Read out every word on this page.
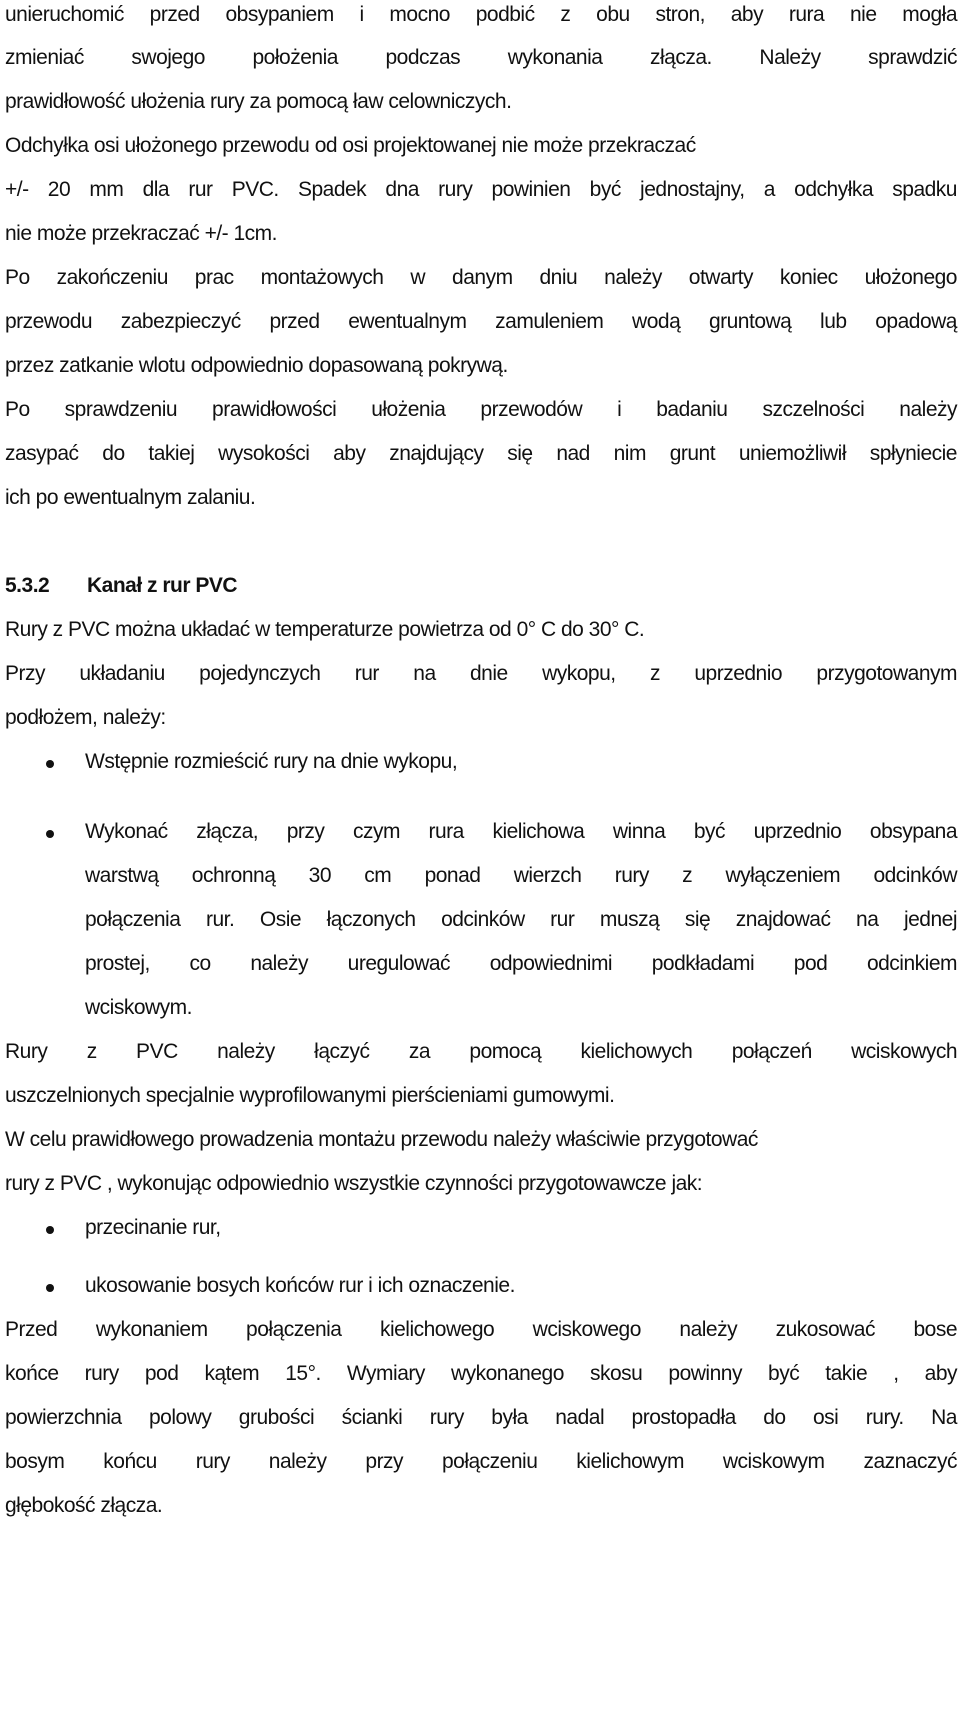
unieruchomić przed obsypaniem i mocno podbić z obu stron, aby rura nie mogła
zmieniać swojego położenia podczas wykonania złącza. Należy sprawdzić
prawidłowość ułożenia rury za pomocą ław celowniczych.
Odchyłka osi ułożonego przewodu od osi projektowanej nie może przekraczać
+/- 20 mm dla rur PVC. Spadek dna rury powinien być jednostajny, a odchyłka spadku
nie może przekraczać +/- 1cm.
Po zakończeniu prac montażowych w danym dniu należy otwarty koniec ułożonego
przewodu zabezpieczyć przed ewentualnym zamuleniem wodą gruntową lub opadową
przez zatkanie wlotu odpowiednio dopasowaną pokrywą.
Po sprawdzeniu prawidłowości ułożenia przewodów i badaniu szczelności należy
zasypać do takiej wysokości aby znajdujący się nad nim grunt uniemożliwił spłyniecie
ich po ewentualnym zalaniu.
5.3.2 Kanał z rur PVC
Rury z PVC można układać w temperaturze powietrza od 0° C do 30° C.
Przy układaniu pojedynczych rur na dnie wykopu, z uprzednio przygotowanym
podłożem, należy:
Wstępnie rozmieścić rury na dnie wykopu,
Wykonać złącza, przy czym rura kielichowa winna być uprzednio obsypana
warstwą ochronną 30 cm ponad wierzch rury z wyłączeniem odcinków
połączenia rur. Osie łączonych odcinków rur muszą się znajdować na jednej
prostej, co należy uregulować odpowiednimi podkładami pod odcinkiem
wciskowym.
Rury z PVC należy łączyć za pomocą kielichowych połączeń wciskowych
uszczelnionych specjalnie wyprofilowanymi pierścieniami gumowymi.
W celu prawidłowego prowadzenia montażu przewodu należy właściwie przygotować
rury z PVC , wykonując odpowiednio wszystkie czynności przygotowawcze jak:
przecinanie rur,
ukosowanie bosych końców rur i ich oznaczenie.
Przed wykonaniem połączenia kielichowego wciskowego należy zukosować bose
końce rury pod kątem 15°. Wymiary wykonanego skosu powinny być takie , aby
powierzchnia polowy grubości ścianki rury była nadal prostopadła do osi rury. Na
bosym końcu rury należy przy połączeniu kielichowym wciskowym zaznaczyć
głębokość złącza.
